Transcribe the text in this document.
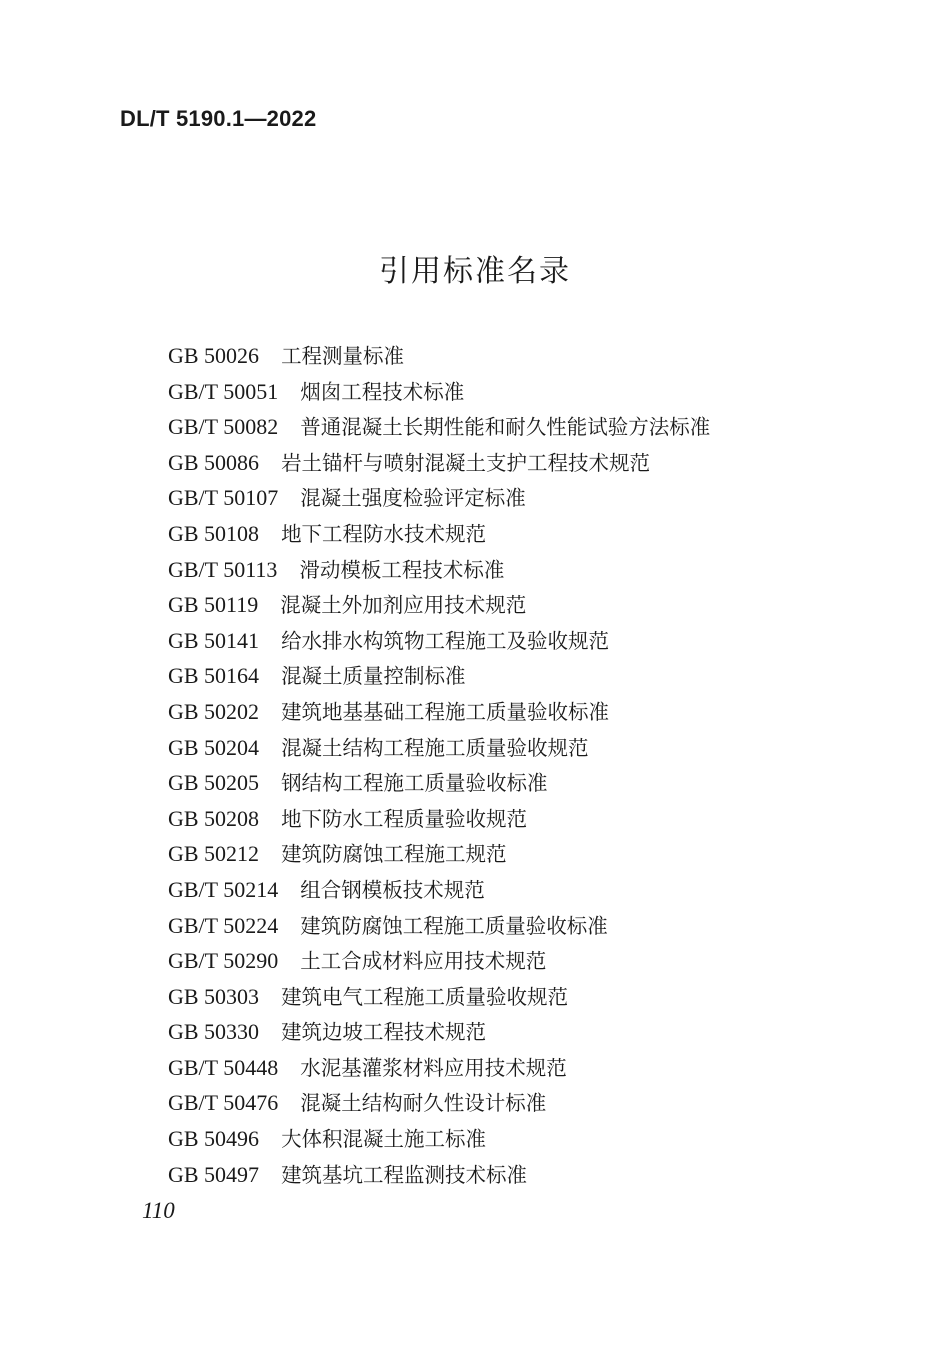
DL/T 5190.1—2022
引用标准名录
GB 50026 工程测量标准
GB/T 50051 烟囱工程技术标准
GB/T 50082 普通混凝土长期性能和耐久性能试验方法标准
GB 50086 岩土锚杆与喷射混凝土支护工程技术规范
GB/T 50107 混凝土强度检验评定标准
GB 50108 地下工程防水技术规范
GB/T 50113 滑动模板工程技术标准
GB 50119 混凝土外加剂应用技术规范
GB 50141 给水排水构筑物工程施工及验收规范
GB 50164 混凝土质量控制标准
GB 50202 建筑地基基础工程施工质量验收标准
GB 50204 混凝土结构工程施工质量验收规范
GB 50205 钢结构工程施工质量验收标准
GB 50208 地下防水工程质量验收规范
GB 50212 建筑防腐蚀工程施工规范
GB/T 50214 组合钢模板技术规范
GB/T 50224 建筑防腐蚀工程施工质量验收标准
GB/T 50290 土工合成材料应用技术规范
GB 50303 建筑电气工程施工质量验收规范
GB 50330 建筑边坡工程技术规范
GB/T 50448 水泥基灌浆材料应用技术规范
GB/T 50476 混凝土结构耐久性设计标准
GB 50496 大体积混凝土施工标准
GB 50497 建筑基坑工程监测技术标准
110
